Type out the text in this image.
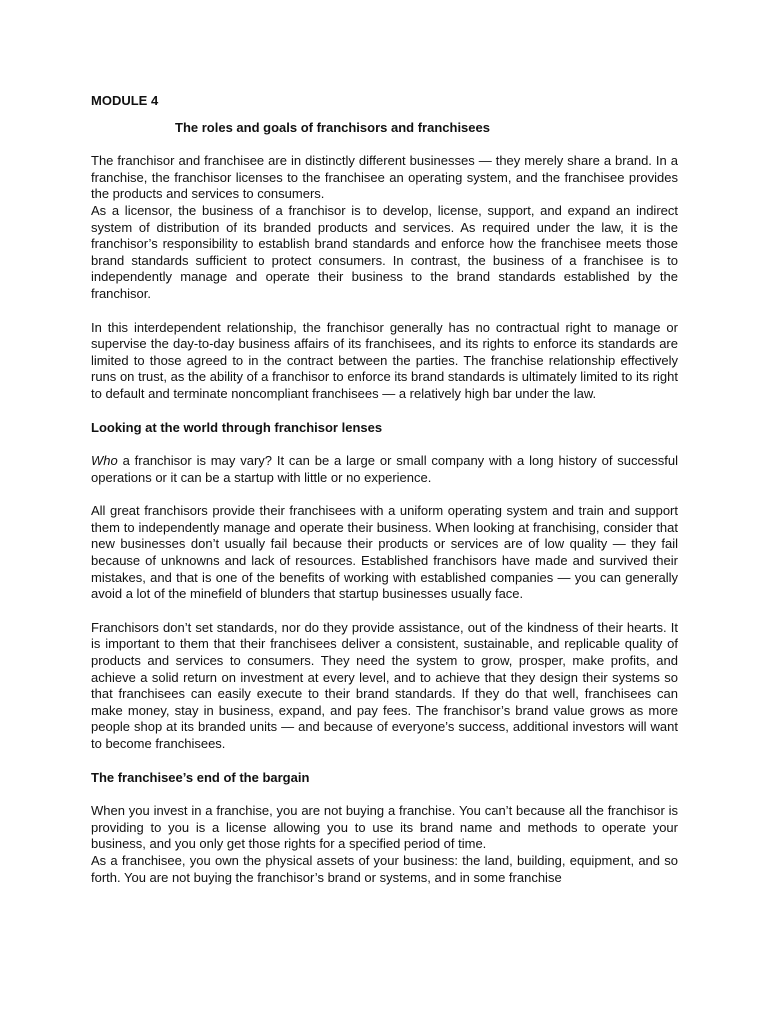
MODULE 4
The roles and goals of franchisors and franchisees

The franchisor and franchisee are in distinctly different businesses — they merely share a brand. In a franchise, the franchisor licenses to the franchisee an operating system, and the franchisee provides the products and services to consumers.

As a licensor, the business of a franchisor is to develop, license, support, and expand an indirect system of distribution of its branded products and services. As required under the law, it is the franchisor’s responsibility to establish brand standards and enforce how the franchisee meets those brand standards sufficient to protect consumers. In contrast, the business of a franchisee is to independently manage and operate their business to the brand standards established by the franchisor.

In this interdependent relationship, the franchisor generally has no contractual right to manage or supervise the day-to-day business affairs of its franchisees, and its rights to enforce its standards are limited to those agreed to in the contract between the parties. The franchise relationship effectively runs on trust, as the ability of a franchisor to enforce its brand standards is ultimately limited to its right to default and terminate noncompliant franchisees — a relatively high bar under the law.

Looking at the world through franchisor lenses

Who a franchisor is may vary? It can be a large or small company with a long history of successful operations or it can be a startup with little or no experience.

All great franchisors provide their franchisees with a uniform operating system and train and support them to independently manage and operate their business. When looking at franchising, consider that new businesses don’t usually fail because their products or services are of low quality — they fail because of unknowns and lack of resources. Established franchisors have made and survived their mistakes, and that is one of the benefits of working with established companies — you can generally avoid a lot of the minefield of blunders that startup businesses usually face.

Franchisors don’t set standards, nor do they provide assistance, out of the kindness of their hearts. It is important to them that their franchisees deliver a consistent, sustainable, and replicable quality of products and services to consumers. They need the system to grow, prosper, make profits, and achieve a solid return on investment at every level, and to achieve that they design their systems so that franchisees can easily execute to their brand standards. If they do that well, franchisees can make money, stay in business, expand, and pay fees. The franchisor’s brand value grows as more people shop at its branded units — and because of everyone’s success, additional investors will want to become franchisees.

The franchisee’s end of the bargain

When you invest in a franchise, you are not buying a franchise. You can’t because all the franchisor is providing to you is a license allowing you to use its brand name and methods to operate your business, and you only get those rights for a specified period of time.

As a franchisee, you own the physical assets of your business: the land, building, equipment, and so forth. You are not buying the franchisor’s brand or systems, and in some franchise
